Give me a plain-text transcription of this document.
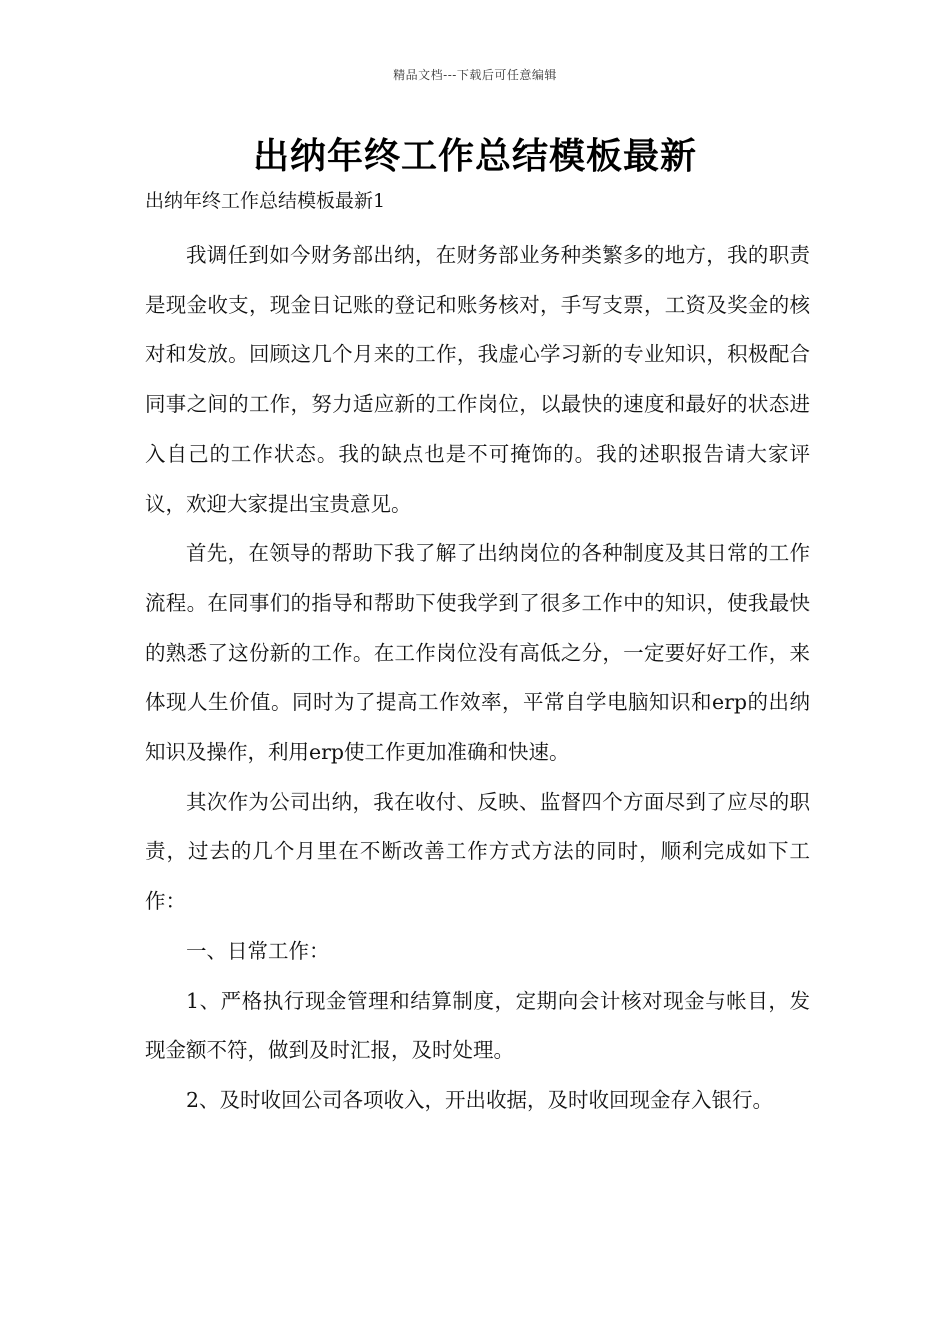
精品文档---下载后可任意编辑
出纳年终工作总结模板最新

出纳年终工作总结模板最新1

我调任到如今财务部出纳，在财务部业务种类繁多的地方，我的职责是现金收支，现金日记账的登记和账务核对，手写支票，工资及奖金的核对和发放。回顾这几个月来的工作，我虚心学习新的专业知识，积极配合同事之间的工作，努力适应新的工作岗位，以最快的速度和最好的状态进入自己的工作状态。我的缺点也是不可掩饰的。我的述职报告请大家评议，欢迎大家提出宝贵意见。

首先，在领导的帮助下我了解了出纳岗位的各种制度及其日常的工作流程。在同事们的指导和帮助下使我学到了很多工作中的知识，使我最快的熟悉了这份新的工作。在工作岗位没有高低之分，一定要好好工作，来体现人生价值。同时为了提高工作效率，平常自学电脑知识和erp的出纳知识及操作，利用erp使工作更加准确和快速。

其次作为公司出纳，我在收付、反映、监督四个方面尽到了应尽的职责，过去的几个月里在不断改善工作方式方法的同时，顺利完成如下工作：

一、日常工作：

1、严格执行现金管理和结算制度，定期向会计核对现金与帐目，发现金额不符，做到及时汇报，及时处理。

2、及时收回公司各项收入，开出收据，及时收回现金存入银行。
